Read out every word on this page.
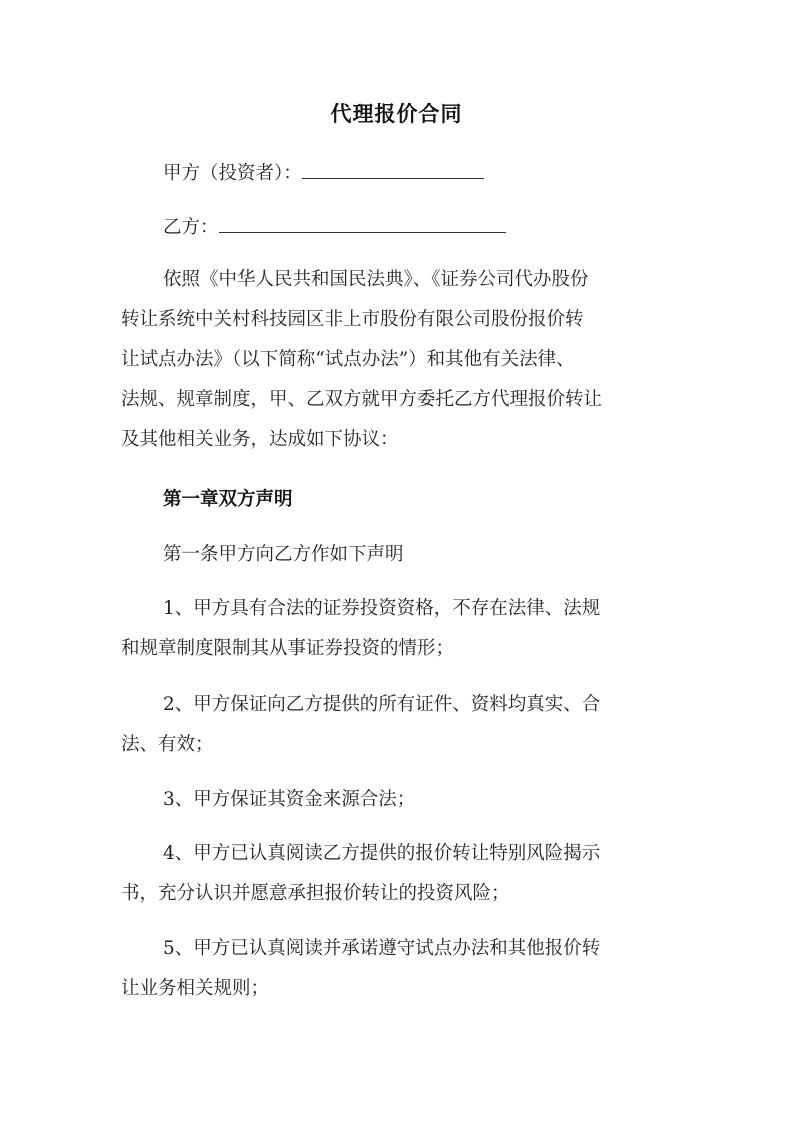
代理报价合同
甲方（投资者）：
乙方：
依照《中华人民共和国民法典》、《证券公司代办股份
转让系统中关村科技园区非上市股份有限公司股份报价转
让试点办法》（以下简称“试点办法”）和其他有关法律、
法规、规章制度，甲、乙双方就甲方委托乙方代理报价转让
及其他相关业务，达成如下协议：
第一章双方声明
第一条甲方向乙方作如下声明
1、甲方具有合法的证券投资资格，不存在法律、法规
和规章制度限制其从事证券投资的情形；
2、甲方保证向乙方提供的所有证件、资料均真实、合
法、有效；
3、甲方保证其资金来源合法；
4、甲方已认真阅读乙方提供的报价转让特别风险揭示
书，充分认识并愿意承担报价转让的投资风险；
5、甲方已认真阅读并承诺遵守试点办法和其他报价转
让业务相关规则；
